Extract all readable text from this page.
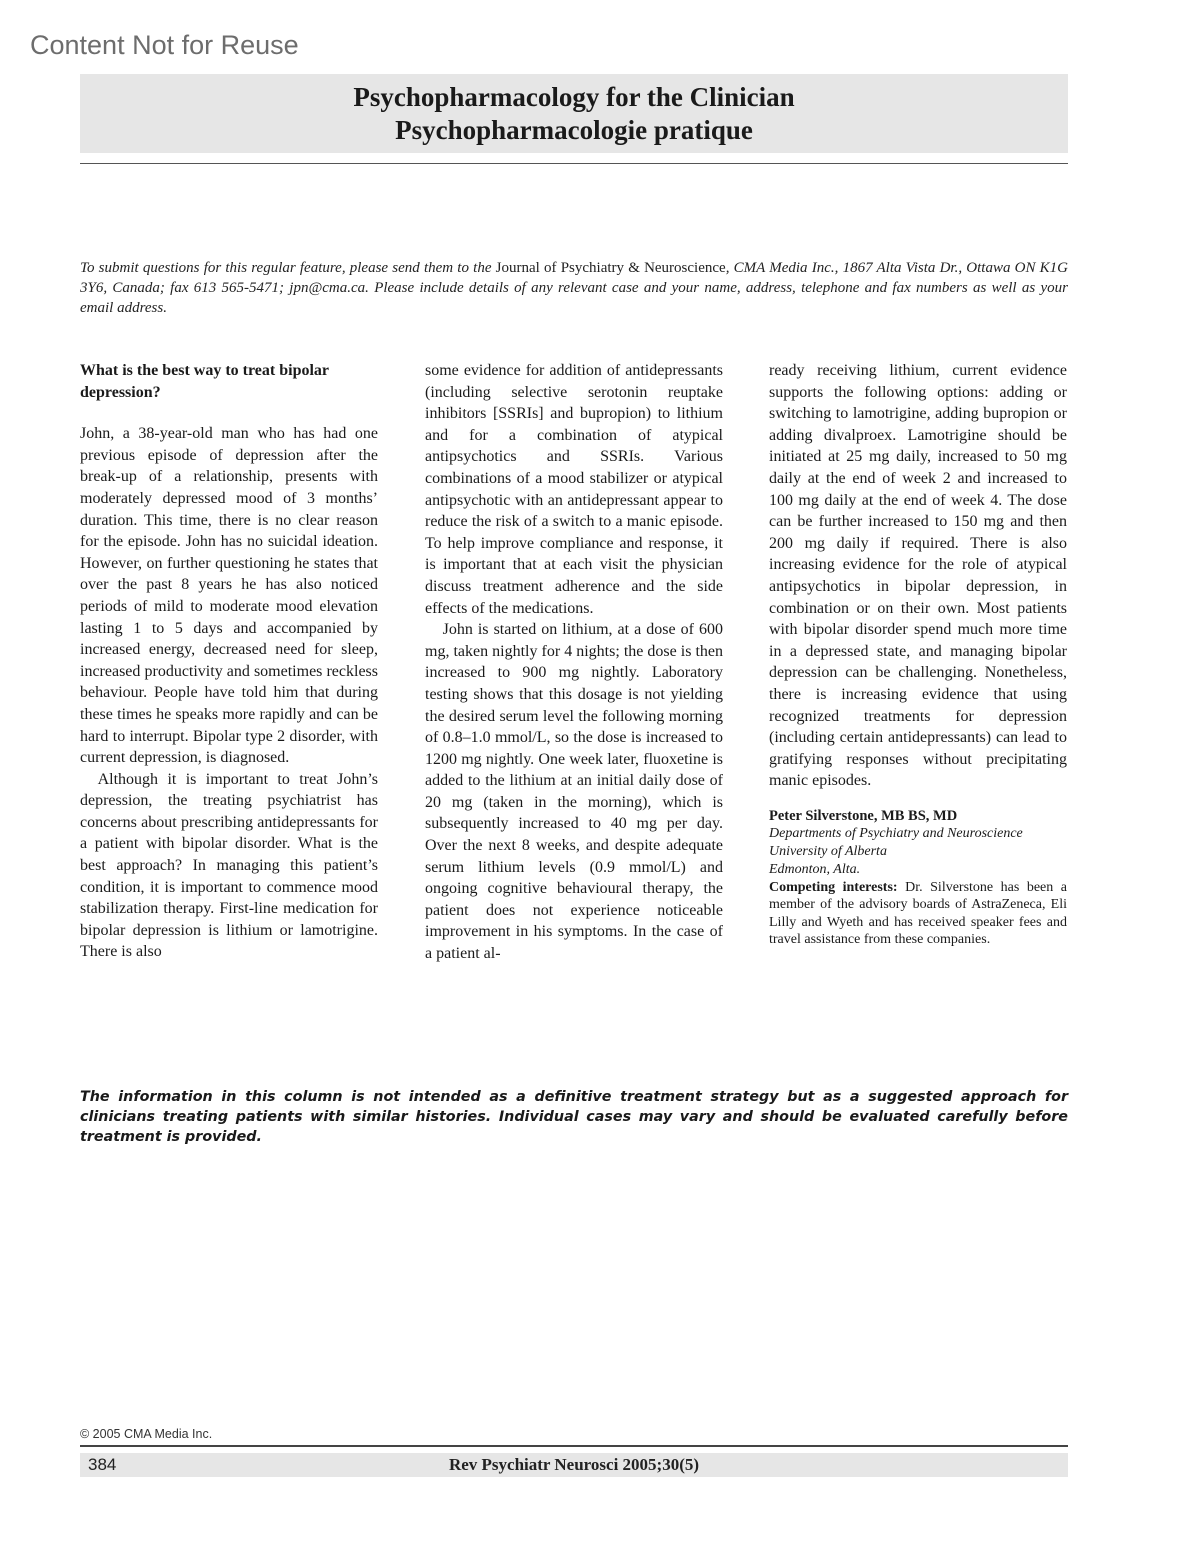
Content Not for Reuse

Psychopharmacology for the Clinician
Psychopharmacologie pratique

To submit questions for this regular feature, please send them to the Journal of Psychiatry & Neuroscience, CMA Media Inc., 1867 Alta Vista Dr., Ottawa ON K1G 3Y6, Canada; fax 613 565-5471; jpn@cma.ca. Please include details of any relevant case and your name, address, telephone and fax numbers as well as your email address.

What is the best way to treat bipolar depression?

John, a 38-year-old man who has had one previous episode of depression after the break-up of a relationship, presents with moderately depressed mood of 3 months’ duration. This time, there is no clear reason for the episode. John has no suicidal ideation. However, on further questioning he states that over the past 8 years he has also noticed periods of mild to moderate mood elevation lasting 1 to 5 days and accompanied by increased energy, decreased need for sleep, increased productivity and sometimes reckless behaviour. People have told him that during these times he speaks more rapidly and can be hard to interrupt. Bipolar type 2 disorder, with current depression, is diagnosed.

Although it is important to treat John’s depression, the treating psychiatrist has concerns about prescribing antidepressants for a patient with bipolar disorder. What is the best approach? In managing this patient’s condition, it is important to commence mood stabilization therapy. First-line medication for bipolar depression is lithium or lamotrigine. There is also

some evidence for addition of antidepressants (including selective serotonin reuptake inhibitors [SSRIs] and bupropion) to lithium and for a combination of atypical antipsychotics and SSRIs. Various combinations of a mood stabilizer or atypical antipsychotic with an antidepressant appear to reduce the risk of a switch to a manic episode. To help improve compliance and response, it is important that at each visit the physician discuss treatment adherence and the side effects of the medications.

John is started on lithium, at a dose of 600 mg, taken nightly for 4 nights; the dose is then increased to 900 mg nightly. Laboratory testing shows that this dosage is not yielding the desired serum level the following morning of 0.8–1.0 mmol/L, so the dose is increased to 1200 mg nightly. One week later, fluoxetine is added to the lithium at an initial daily dose of 20 mg (taken in the morning), which is subsequently increased to 40 mg per day. Over the next 8 weeks, and despite adequate serum lithium levels (0.9 mmol/L) and ongoing cognitive behavioural therapy, the patient does not experience noticeable improvement in his symptoms. In the case of a patient al-

ready receiving lithium, current evidence supports the following options: adding or switching to lamotrigine, adding bupropion or adding divalproex. Lamotrigine should be initiated at 25 mg daily, increased to 50 mg daily at the end of week 2 and increased to 100 mg daily at the end of week 4. The dose can be further increased to 150 mg and then 200 mg daily if required. There is also increasing evidence for the role of atypical antipsychotics in bipolar depression, in combination or on their own. Most patients with bipolar disorder spend much more time in a depressed state, and managing bipolar depression can be challenging. Nonetheless, there is increasing evidence that using recognized treatments for depression (including certain antidepressants) can lead to gratifying responses without precipitating manic episodes.

Peter Silverstone, MB BS, MD
Departments of Psychiatry and Neuroscience
University of Alberta
Edmonton, Alta.

Competing interests: Dr. Silverstone has been a member of the advisory boards of AstraZeneca, Eli Lilly and Wyeth and has received speaker fees and travel assistance from these companies.

The information in this column is not intended as a definitive treatment strategy but as a suggested approach for clinicians treating patients with similar histories. Individual cases may vary and should be evaluated carefully before treatment is provided.

© 2005 CMA Media Inc.

384	Rev Psychiatr Neurosci 2005;30(5)
